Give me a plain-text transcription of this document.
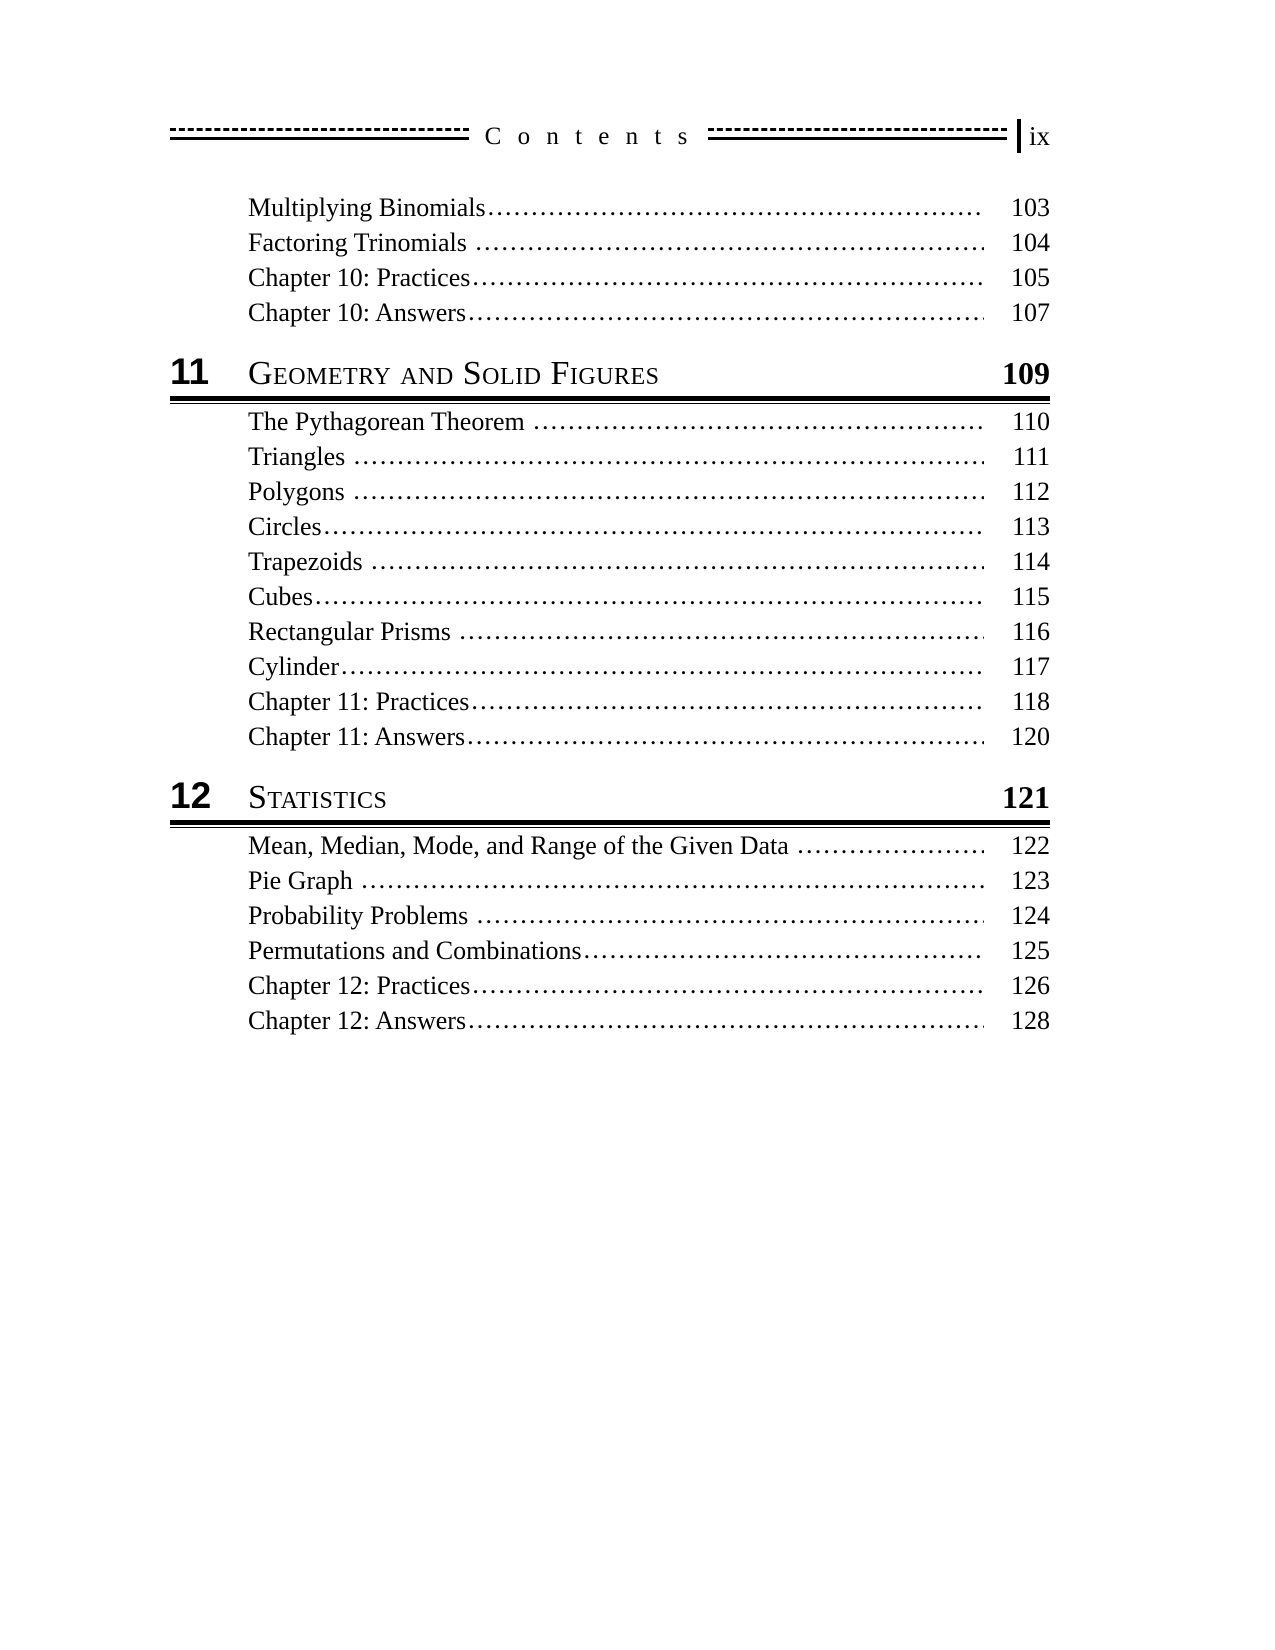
C o n t e n t s	ix
Multiplying Binomials .....	103
Factoring Trinomials .....	104
Chapter 10: Practices .....	105
Chapter 10: Answers .....	107
11	Geometry and Solid Figures	109
The Pythagorean Theorem .....	110
Triangles .....	111
Polygons .....	112
Circles .....	113
Trapezoids .....	114
Cubes .....	115
Rectangular Prisms .....	116
Cylinder .....	117
Chapter 11: Practices .....	118
Chapter 11: Answers .....	120
12	Statistics	121
Mean, Median, Mode, and Range of the Given Data .....	122
Pie Graph .....	123
Probability Problems .....	124
Permutations and Combinations .....	125
Chapter 12: Practices .....	126
Chapter 12: Answers .....	128
